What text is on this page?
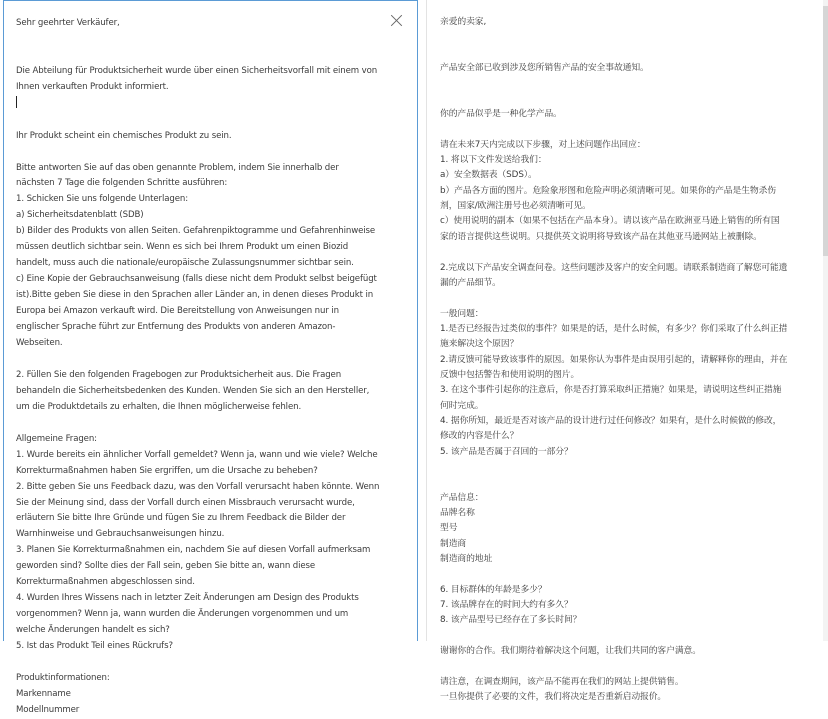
Sehr geehrter Verkäufer,
Die Abteilung für Produktsicherheit wurde über einen Sicherheitsvorfall mit einem von
Ihnen verkauften Produkt informiert.
Ihr Produkt scheint ein chemisches Produkt zu sein.
Bitte antworten Sie auf das oben genannte Problem, indem Sie innerhalb der
nächsten 7 Tage die folgenden Schritte ausführen:
1. Schicken Sie uns folgende Unterlagen:
a) Sicherheitsdatenblatt (SDB)
b) Bilder des Produkts von allen Seiten. Gefahrenpiktogramme und Gefahrenhinweise
müssen deutlich sichtbar sein. Wenn es sich bei Ihrem Produkt um einen Biozid
handelt, muss auch die nationale/europäische Zulassungsnummer sichtbar sein.
c) Eine Kopie der Gebrauchsanweisung (falls diese nicht dem Produkt selbst beigefügt
ist).Bitte geben Sie diese in den Sprachen aller Länder an, in denen dieses Produkt in
Europa bei Amazon verkauft wird. Die Bereitstellung von Anweisungen nur in
englischer Sprache führt zur Entfernung des Produkts von anderen Amazon-
Webseiten.
2. Füllen Sie den folgenden Fragebogen zur Produktsicherheit aus. Die Fragen
behandeln die Sicherheitsbedenken des Kunden. Wenden Sie sich an den Hersteller,
um die Produktdetails zu erhalten, die Ihnen möglicherweise fehlen.
Allgemeine Fragen:
1. Wurde bereits ein ähnlicher Vorfall gemeldet? Wenn ja, wann und wie viele? Welche
Korrekturmaßnahmen haben Sie ergriffen, um die Ursache zu beheben?
2. Bitte geben Sie uns Feedback dazu, was den Vorfall verursacht haben könnte. Wenn
Sie der Meinung sind, dass der Vorfall durch einen Missbrauch verursacht wurde,
erläutern Sie bitte Ihre Gründe und fügen Sie zu Ihrem Feedback die Bilder der
Warnhinweise und Gebrauchsanweisungen hinzu.
3. Planen Sie Korrekturmaßnahmen ein, nachdem Sie auf diesen Vorfall aufmerksam
geworden sind? Sollte dies der Fall sein, geben Sie bitte an, wann diese
Korrekturmaßnahmen abgeschlossen sind.
4. Wurden Ihres Wissens nach in letzter Zeit Änderungen am Design des Produkts
vorgenommen? Wenn ja, wann wurden die Änderungen vorgenommen und um
welche Änderungen handelt es sich?
5. Ist das Produkt Teil eines Rückrufs?
Produktinformationen:
Markenname
Modellnummer
亲爱的卖家,
产品安全部已收到涉及您所销售产品的安全事故通知。
你的产品似乎是一种化学产品。
请在未来7天内完成以下步骤，对上述问题作出回应：
1. 将以下文件发送给我们：
a）安全数据表（SDS）。
b）产品各方面的图片。危险象形图和危险声明必须清晰可见。如果你的产品是生物杀伤
剂，国家/欧洲注册号也必须清晰可见。
c）使用说明的副本（如果不包括在产品本身）。请以该产品在欧洲亚马逊上销售的所有国
家的语言提供这些说明。只提供英文说明将导致该产品在其他亚马逊网站上被删除。
2.完成以下产品安全调查问卷。这些问题涉及客户的安全问题。请联系制造商了解您可能遗
漏的产品细节。
一般问题：
1.是否已经报告过类似的事件？如果是的话，是什么时候，有多少？你们采取了什么纠正措
施来解决这个原因？
2.请反馈可能导致该事件的原因。如果你认为事件是由误用引起的，请解释你的理由，并在
反馈中包括警告和使用说明的图片。
3. 在这个事件引起你的注意后，你是否打算采取纠正措施？如果是，请说明这些纠正措施
何时完成。
4. 据你所知，最近是否对该产品的设计进行过任何修改？如果有，是什么时候做的修改，
修改的内容是什么？
5. 该产品是否属于召回的一部分？
产品信息：
品牌名称
型号
制造商
制造商的地址
6. 目标群体的年龄是多少？
7. 该品牌存在的时间大约有多久？
8. 该产品型号已经存在了多长时间？
谢谢你的合作。我们期待着解决这个问题，让我们共同的客户满意。
请注意，在调查期间，该产品不能再在我们的网站上提供销售。
一旦你提供了必要的文件，我们将决定是否重新启动报价。
